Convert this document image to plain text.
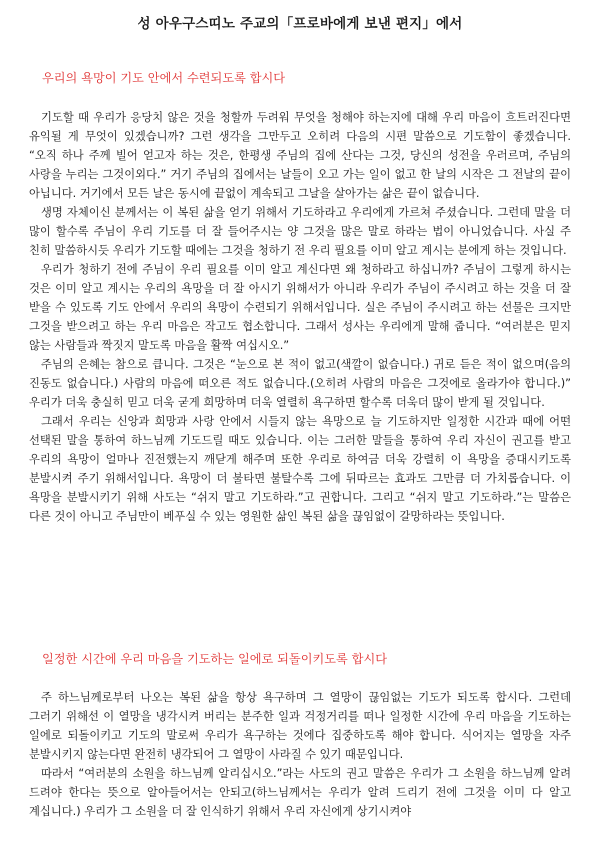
성 아우구스띠노 주교의「프로바에게 보낸 편지」에서
우리의 욕망이 기도 안에서 수련되도록 합시다

기도할 때 우리가 응당치 않은 것을 청할까 두려워 무엇을 청해야 하는지에 대해 우리 마음이 흐트러진다면 유익될 게 무엇이 있겠습니까? 그런 생각을 그만두고 오히려 다음의 시편 말씀으로 기도함이 좋겠습니다. “오직 하나 주께 빌어 얻고자 하는 것은, 한평생 주님의 집에 산다는 그것, 당신의 성전을 우러르며, 주님의 사랑을 누리는 그것이외다.” 거기 주님의 집에서는 날들이 오고 가는 일이 없고 한 날의 시작은 그 전날의 끝이 아닙니다. 거기에서 모든 날은 동시에 끝없이 계속되고 그날을 살아가는 삶은 끝이 없습니다.

생명 자체이신 분께서는 이 복된 삶을 얻기 위해서 기도하라고 우리에게 가르쳐 주셨습니다. 그런데 말을 더 많이 할수록 주님이 우리 기도를 더 잘 들어주시는 양 그것을 많은 말로 하라는 법이 아니었습니다. 사실 주 친히 말씀하시듯 우리가 기도할 때에는 그것을 청하기 전 우리 필요를 이미 알고 계시는 분에게 하는 것입니다.

우리가 청하기 전에 주님이 우리 필요를 이미 알고 계신다면 왜 청하라고 하십니까? 주님이 그렇게 하시는 것은 이미 알고 계시는 우리의 욕망을 더 잘 아시기 위해서가 아니라 우리가 주님이 주시려고 하는 것을 더 잘 받을 수 있도록 기도 안에서 우리의 욕망이 수련되기 위해서입니다. 실은 주님이 주시려고 하는 선물은 크지만 그것을 받으려고 하는 우리 마음은 작고도 협소합니다. 그래서 성사는 우리에게 말해 줍니다. “여러분은 믿지 않는 사람들과 짝짓지 말도록 마음을 활짝 여십시오.”

주님의 은혜는 참으로 큽니다. 그것은 “눈으로 본 적이 없고(색깔이 없습니다.) 귀로 듣은 적이 없으며(음의 진동도 없습니다.) 사람의 마음에 떠오른 적도 없습니다.(오히려 사람의 마음은 그것에로 올라가야 합니다.)” 우리가 더욱 충실히 믿고 더욱 굳게 희망하며 더욱 열렬히 욕구하면 할수록 더욱더 많이 받게 될 것입니다.

그래서 우리는 신앙과 희망과 사랑 안에서 시들지 않는 욕망으로 늘 기도하지만 일정한 시간과 때에 어떤 선택된 말을 통하여 하느님께 기도드릴 때도 있습니다. 이는 그러한 말들을 통하여 우리 자신이 권고를 받고 우리의 욕망이 얼마나 진전했는지 깨닫게 해주며 또한 우리로 하여금 더욱 강렬히 이 욕망을 증대시키도록 분발시켜 주기 위해서입니다. 욕망이 더 불타면 불탈수록 그에 뒤따르는 효과도 그만큼 더 가치롭습니다. 이 욕망을 분발시키기 위해 사도는 “쉬지 말고 기도하라.”고 권합니다. 그리고 “쉬지 말고 기도하라.”는 말씀은 다른 것이 아니고 주님만이 베푸실 수 있는 영원한 삶인 복된 삶을 끊임없이 갈망하라는 뜻입니다.

일정한 시간에 우리 마음을 기도하는 일에로 되돌이키도록 합시다

주 하느님께로부터 나오는 복된 삶을 항상 욕구하며 그 열망이 끊임없는 기도가 되도록 합시다. 그런데 그러기 위해선 이 열망을 냉각시켜 버리는 분주한 일과 걱정거리를 떠나 일정한 시간에 우리 마음을 기도하는 일에로 되돌이키고 기도의 말로써 우리가 욕구하는 것에다 집중하도록 해야 합니다. 식어지는 열망을 자주 분발시키지 않는다면 완전히 냉각되어 그 열망이 사라질 수 있기 때문입니다.

따라서 “여러분의 소원을 하느님께 알리십시오.”라는 사도의 권고 말씀은 우리가 그 소원을 하느님께 알려 드려야 한다는 뜻으로 알아들어서는 안되고(하느님께서는 우리가 알려 드리기 전에 그것을 이미 다 알고 계십니다.) 우리가 그 소원을 더 잘 인식하기 위해서 우리 자신에게 상기시켜야
